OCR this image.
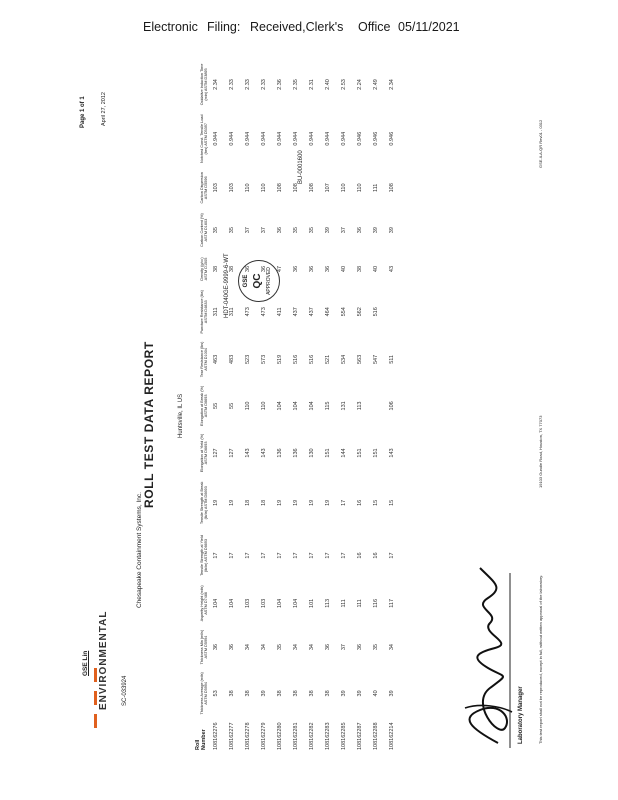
Electronic Filing: Received,Clerk's Office 05/11/2021
GSE Lin ENVIRONMENTAL
Page 1 of 1	April 27, 2012
ROLL TEST DATA REPORT
SC-033924
Chesapeake Containment Systems, Inc.
Huntsville, IL US
HDT-040GE-9999-6-WT
BU-0001600
GSE QC APPROVED
Roll Number	Thickness Average (mils) ASTM D5994	Thickness Min (mils) ASTM D5994	Asperity Height (mils) ASTM D7466	Tensile Strength at Yield (lb/in) ASTM D6693	Tensile Strength at Break (lb/in) ASTM D6693	Elongation at Yield (%) ASTM D6693	Elongation at Break (%) ASTM D6693	Tear Resistance (lbs) ASTM D1004	Puncture Resistance (lbs) ASTM D4833	Density (g/cc) ASTM D1505	Carbon Content (%) ASTM D1603	Carbon Dispersion ASTM D5596	Notched Const. Tensile Load (hrs) ASTM D5397	Oxidative Induction Time (min) ASTM D3895
108162276	53	36	104	17	19	127	55	463	311	38	35	103	0.944	2.34
108162277	38	36	104	17	19	127	55	483	311	38	35	103	0.944	2.33
108162278	38	34	103	17	18	143	110	523	473	36	37	110	0.944	2.33
108162279	39	34	103	17	18	143	110	573	473	36	37	110	0.944	2.33
108162280	38	35	104	17	19	136	104	519	411	47	36	108	0.944	2.36
108162281	38	34	104	17	19	136	104	516	437	36	35	108	0.944	2.35
108162282	38	34	101	17	19	130	104	516	437	36	35	108	0.944	2.31
108162283	38	36	113	17	19	151	115	521	464	36	39	107	0.944	2.40
108162285	39	37	111	17	17	144	131	534	554	40	37	110	0.944	2.53
108162287	39	36	111	16	16	151	113	563	562	38	36	110	0.946	2.24
108162288	40	35	116	16	15	151		547	516	40	39	111	0.946	2.49
108162214	39	34	117	17	15	143	106	511		43	39	108	0.946	2.34
Laboratory Manager	This test report shall not be reproduced, except in full, without written approval of the laboratory.
19103 Gundle Road, Houston, TX 77073
GSE-ILA-QR Rev01 - 0312
